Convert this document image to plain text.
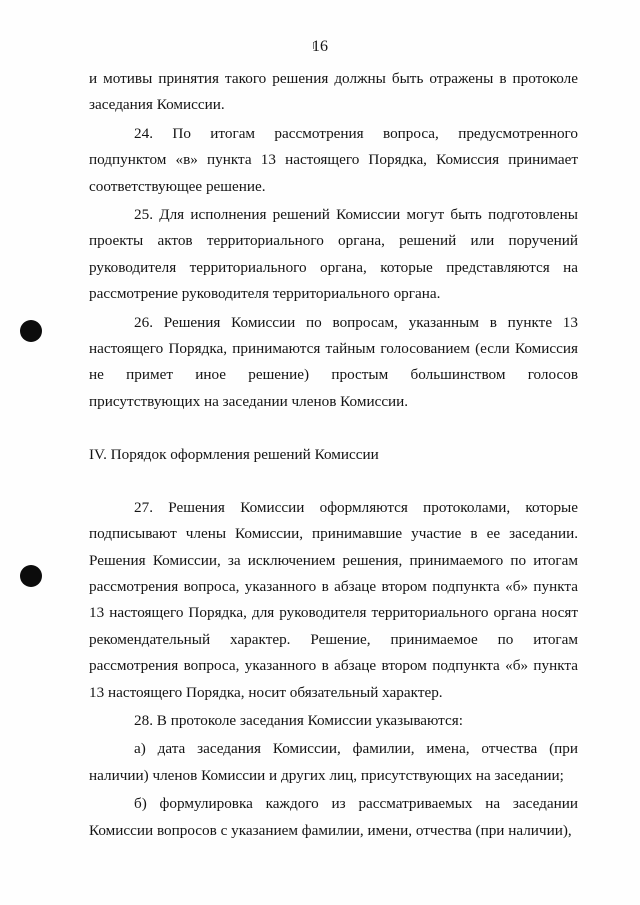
16

и мотивы принятия такого решения должны быть отражены в протоколе заседания Комиссии.

24. По итогам рассмотрения вопроса, предусмотренного подпунктом «в» пункта 13 настоящего Порядка, Комиссия принимает соответствующее решение.

25. Для исполнения решений Комиссии могут быть подготовлены проекты актов территориального органа, решений или поручений руководителя территориального органа, которые представляются на рассмотрение руководителя территориального органа.

26. Решения Комиссии по вопросам, указанным в пункте 13 настоящего Порядка, принимаются тайным голосованием (если Комиссия не примет иное решение) простым большинством голосов присутствующих на заседании членов Комиссии.

IV. Порядок оформления решений Комиссии

27. Решения Комиссии оформляются протоколами, которые подписывают члены Комиссии, принимавшие участие в ее заседании. Решения Комиссии, за исключением решения, принимаемого по итогам рассмотрения вопроса, указанного в абзаце втором подпункта «б» пункта 13 настоящего Порядка, для руководителя территориального органа носят рекомендательный характер. Решение, принимаемое по итогам рассмотрения вопроса, указанного в абзаце втором подпункта «б» пункта 13 настоящего Порядка, носит обязательный характер.

28. В протоколе заседания Комиссии указываются:

а) дата заседания Комиссии, фамилии, имена, отчества (при наличии) членов Комиссии и других лиц, присутствующих на заседании;

б) формулировка каждого из рассматриваемых на заседании Комиссии вопросов с указанием фамилии, имени, отчества (при наличии),
